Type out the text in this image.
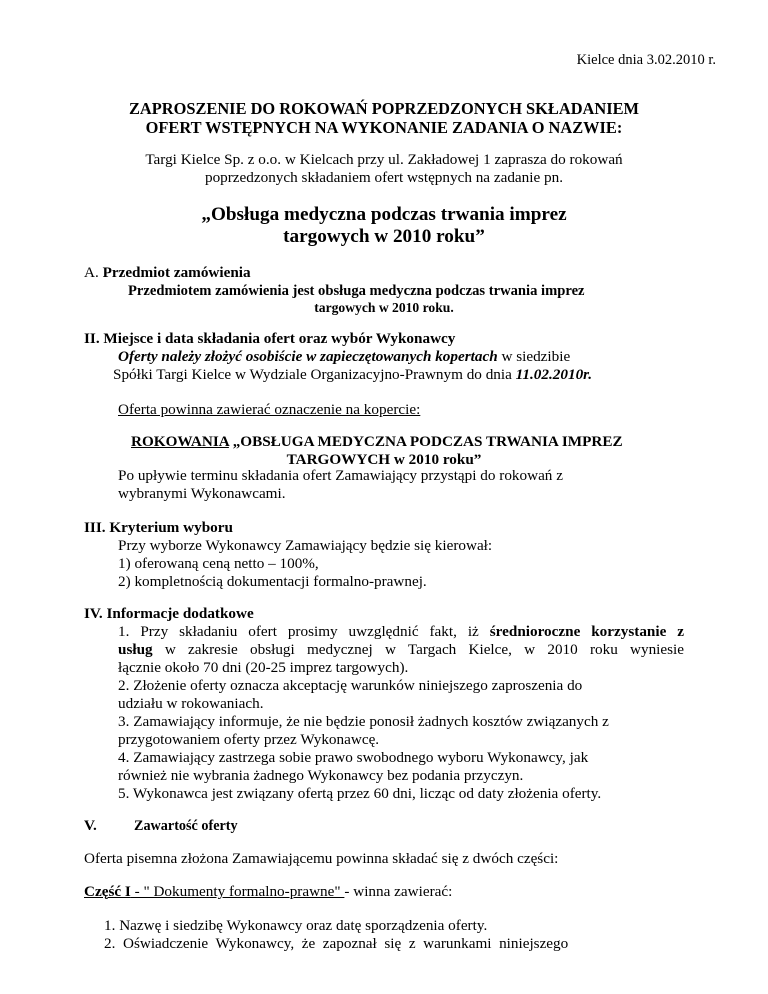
Kielce dnia 3.02.2010 r.
ZAPROSZENIE DO ROKOWAŃ POPRZEDZONYCH SKŁADANIEM
OFERT WSTĘPNYCH NA WYKONANIE ZADANIA O NAZWIE:
Targi Kielce Sp. z o.o. w Kielcach przy ul. Zakładowej 1 zaprasza do rokowań
poprzedzonych składaniem ofert wstępnych na zadanie pn.
„Obsługa medyczna podczas trwania imprez
targowych w 2010 roku”
A. Przedmiot zamówienia
Przedmiotem zamówienia jest obsługa medyczna podczas trwania imprez
targowych w 2010 roku.
II. Miejsce i data składania ofert oraz wybór Wykonawcy
Oferty należy złożyć osobiście w zapieczętowanych kopertach w siedzibie
Spółki Targi Kielce w Wydziale Organizacyjno-Prawnym do dnia 11.02.2010r.
Oferta powinna zawierać oznaczenie na kopercie:
ROKOWANIA „OBSŁUGA MEDYCZNA PODCZAS TRWANIA IMPREZ
TARGOWYCH w 2010 roku”
Po upływie terminu składania ofert Zamawiający przystąpi do rokowań z
wybranymi Wykonawcami.
III. Kryterium wyboru
Przy wyborze Wykonawcy Zamawiający będzie się kierował:
1) oferowaną ceną netto – 100%,
2) kompletnością dokumentacji formalno-prawnej.
IV. Informacje dodatkowe
1. Przy składaniu ofert prosimy uwzględnić fakt, iż średnioroczne korzystanie z
usług w zakresie obsługi medycznej w Targach Kielce, w 2010 roku wyniesie
łącznie około 70 dni (20-25 imprez targowych).
2. Złożenie oferty oznacza akceptację warunków niniejszego zaproszenia do
udziału w rokowaniach.
3. Zamawiający informuje, że nie będzie ponosił żadnych kosztów związanych z
przygotowaniem oferty przez Wykonawcę.
4. Zamawiający zastrzega sobie prawo swobodnego wyboru Wykonawcy, jak
również nie wybrania żadnego Wykonawcy bez podania przyczyn.
5. Wykonawca jest związany ofertą przez 60 dni, licząc od daty złożenia oferty.
V.	Zawartość oferty
Oferta pisemna złożona Zamawiającemu powinna składać się z dwóch części:
Część I - " Dokumenty formalno-prawne" - winna zawierać:
1. Nazwę i siedzibę Wykonawcy oraz datę sporządzenia oferty.
2.  Oświadczenie  Wykonawcy,  że  zapoznał  się  z  warunkami  niniejszego
